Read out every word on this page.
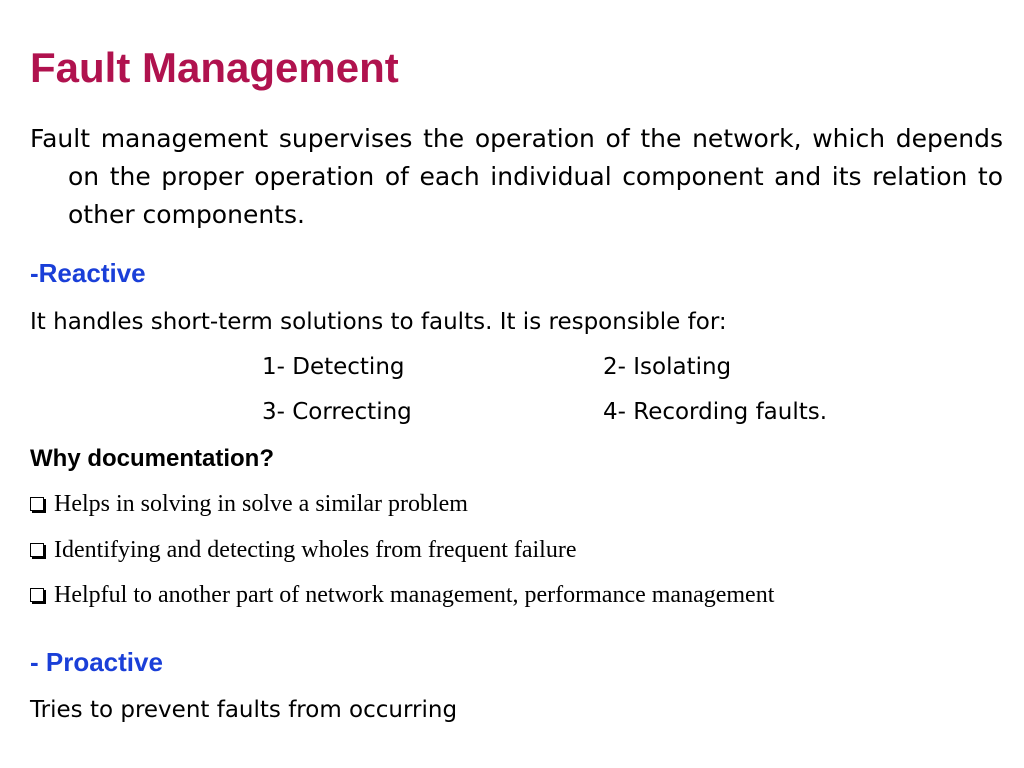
Fault Management

Fault management supervises the operation of the network, which depends on the proper operation of each individual component and its relation to other components.

-Reactive

It handles short-term solutions to faults. It is responsible for:

1- Detecting	2- Isolating

3- Correcting	4- Recording faults.

Why documentation?

Helps in solving in solve a similar problem

Identifying and detecting wholes from frequent failure

Helpful to another part of network management, performance management

- Proactive

Tries to prevent faults from occurring
